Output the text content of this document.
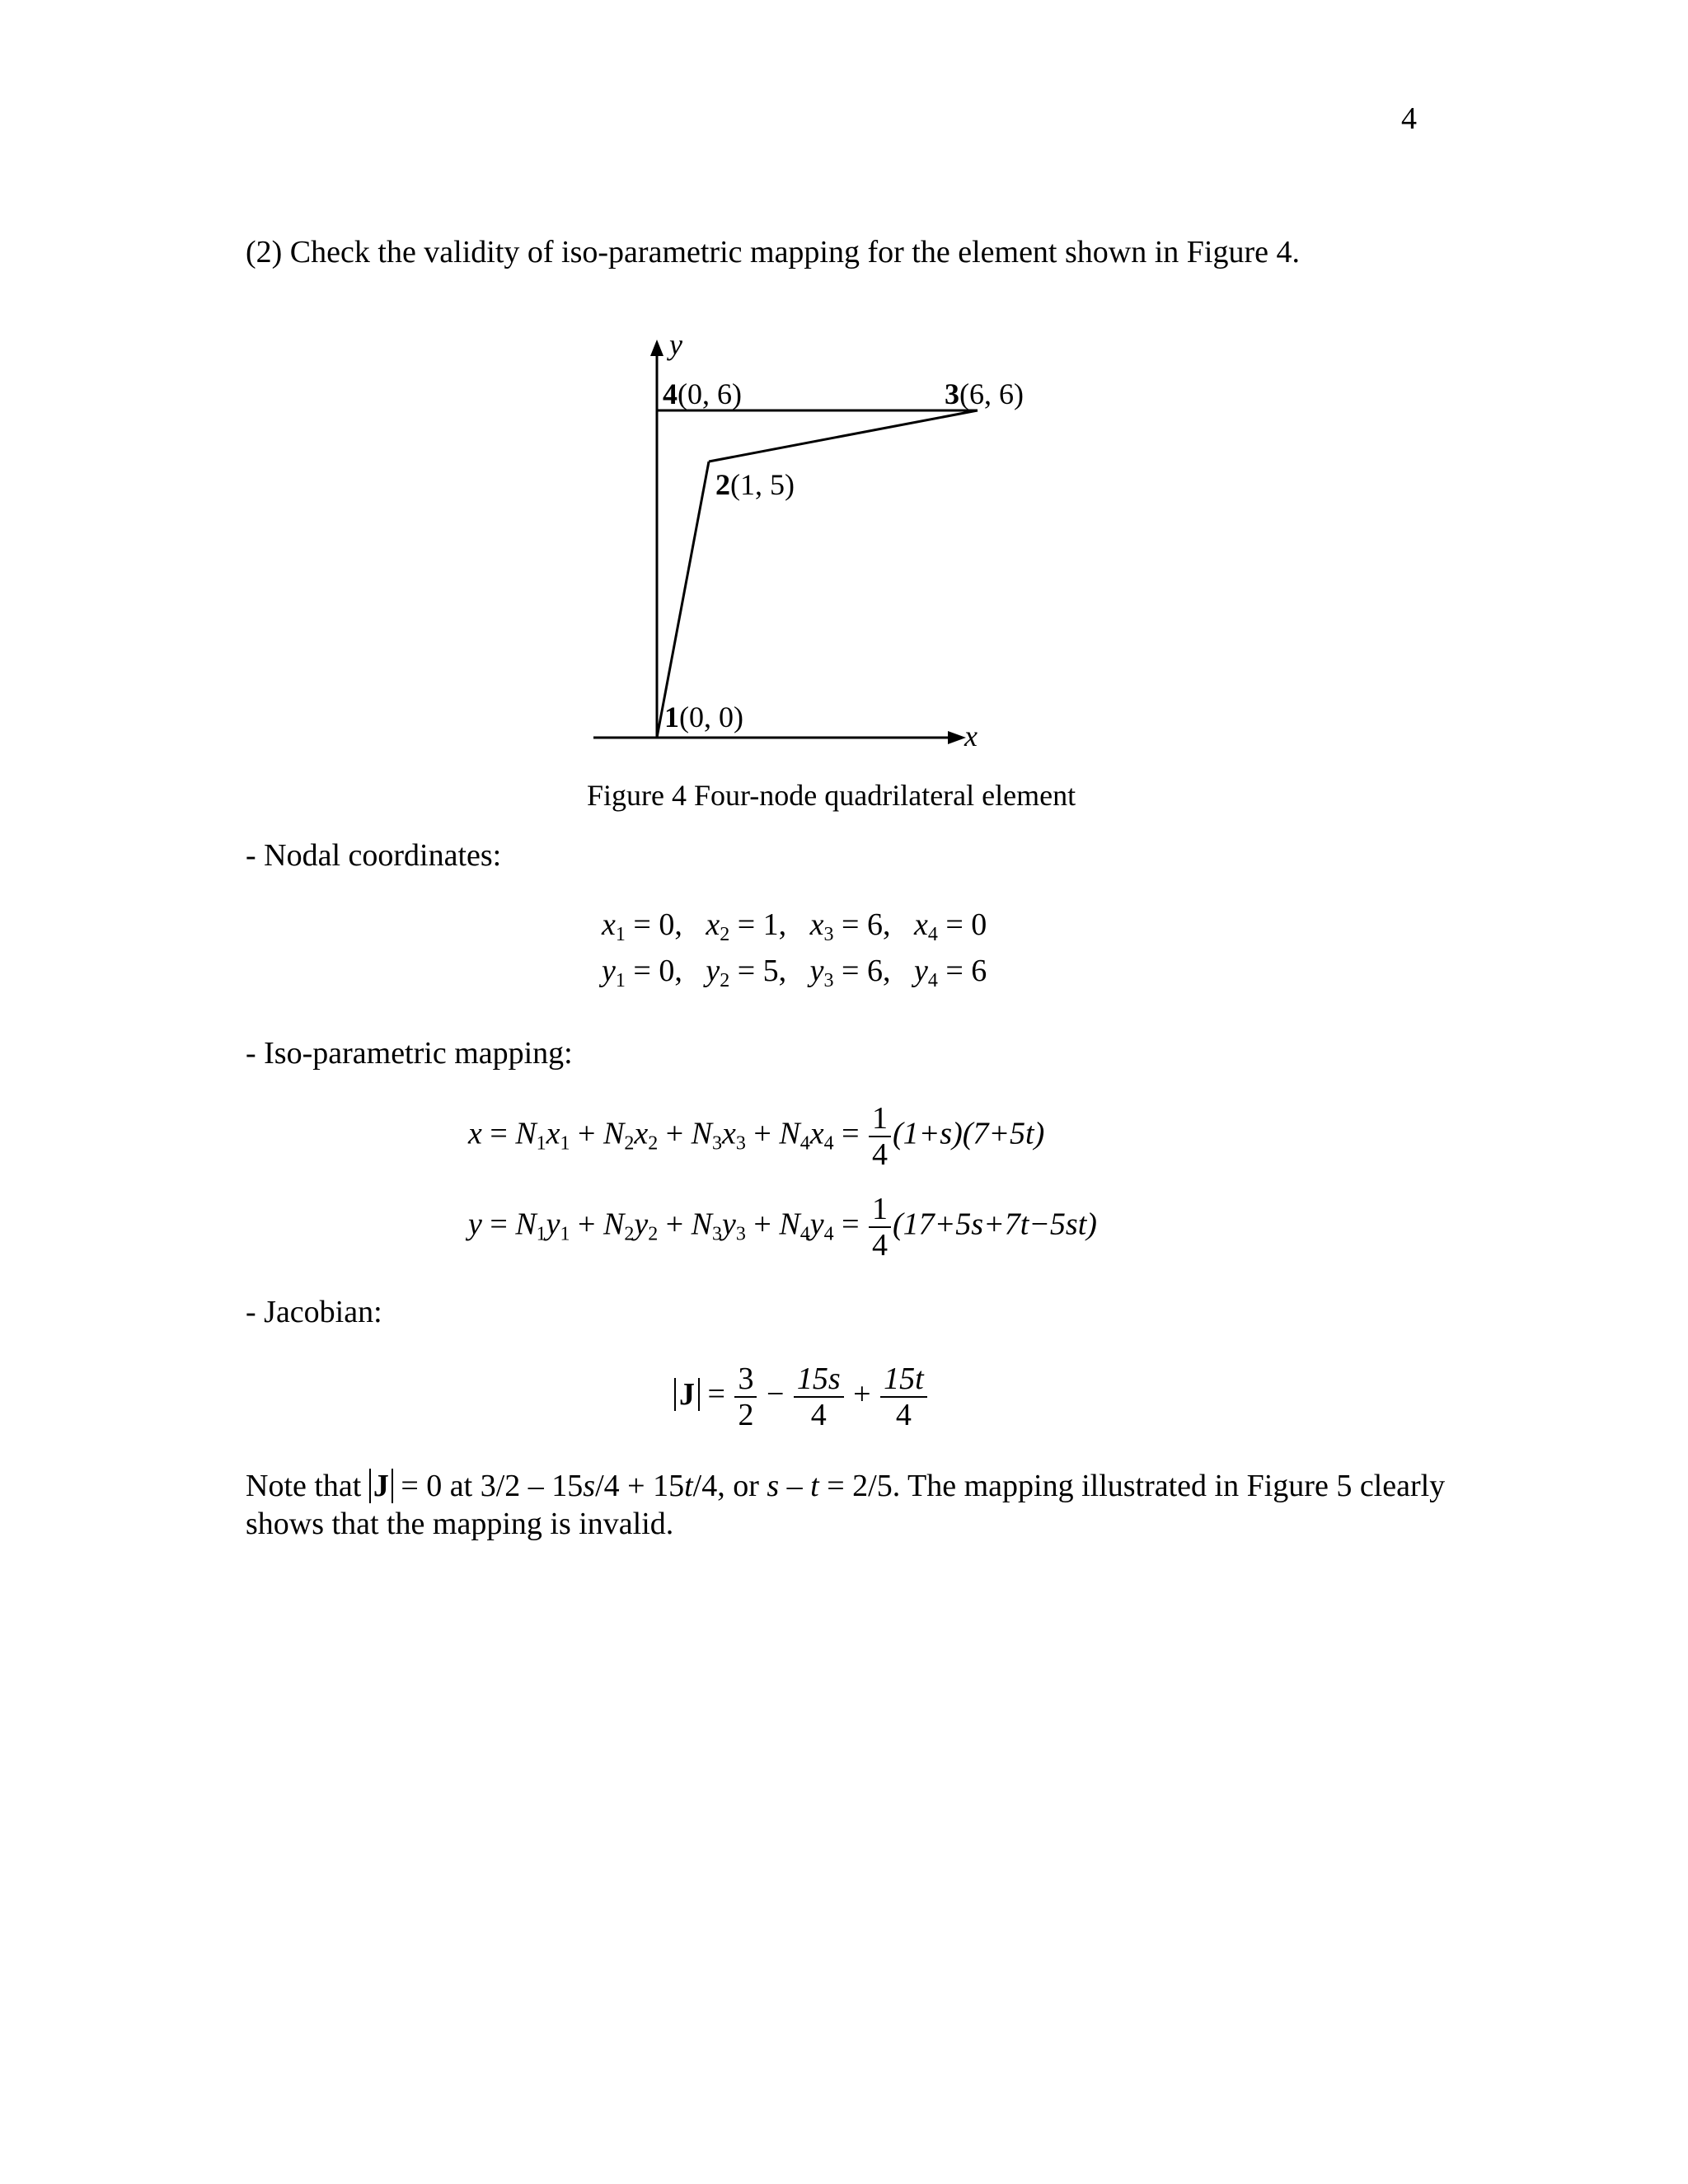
4
(2) Check the validity of iso-parametric mapping for the element shown in Figure 4.
y
x
4(0, 6)	3(6, 6)
2(1, 5)
1(0, 0)
Figure 4 Four-node quadrilateral element
- Nodal coordinates:
$x_1 = 0$,   $x_2 = 1$,   $x_3 = 6$,   $x_4 = 0$
$y_1 = 0$,   $y_2 = 5$,   $y_3 = 6$,   $y_4 = 6$
- Iso-parametric mapping:
$x = N_1x_1 + N_2x_2 + N_3x_3 + N_4x_4 = \frac{1}{4} (1+s)(7+5t)$
$y = N_1y_1 + N_2y_2 + N_3y_3 + N_4y_4 = \frac{1}{4} (17+5s+7t-5st)$
- Jacobian:
$J = \frac{3}{2} - \frac{15s}{4} + \frac{15t}{4}$
Note that J = 0 at 3/2 – 15s/4 + 15t/4, or s – t = 2/5. The mapping illustrated in Figure 5 clearly shows that the mapping is invalid.
